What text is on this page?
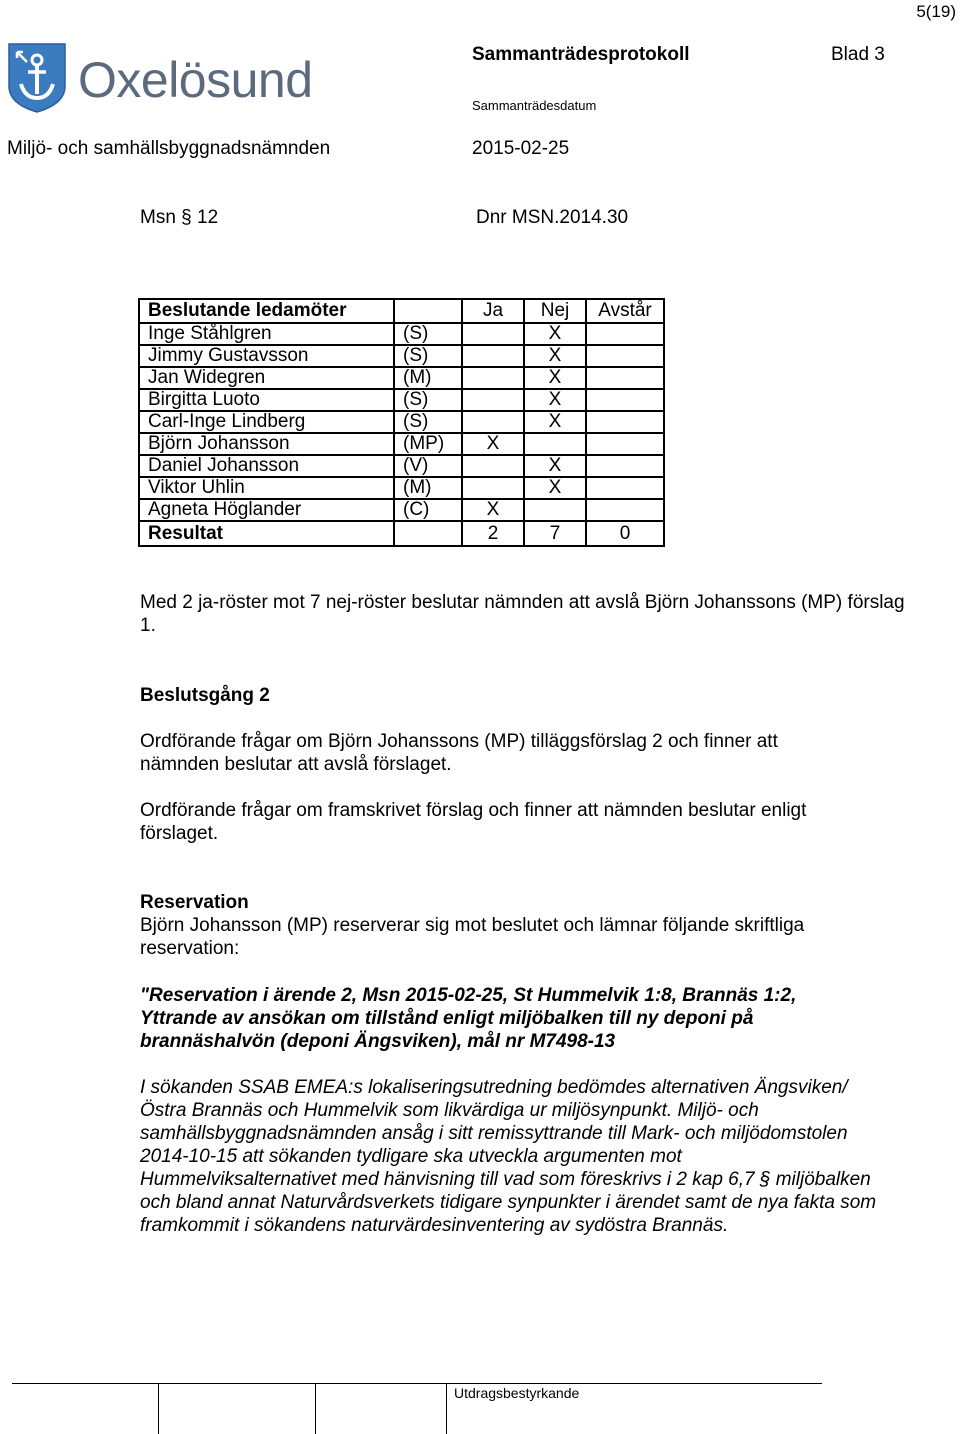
5(19)
Oxelösund	Sammanträdesprotokoll	Blad 3
Sammanträdesdatum
Miljö- och samhällsbyggnadsnämnden	2015-02-25
Msn § 12	Dnr MSN.2014.30
Beslutande ledamöter		Ja	Nej	Avstår
Inge Ståhlgren	(S)		X	
Jimmy Gustavsson	(S)		X	
Jan Widegren	(M)		X	
Birgitta Luoto	(S)		X	
Carl-Inge Lindberg	(S)		X	
Björn Johansson	(MP)	X		
Daniel Johansson	(V)		X	
Viktor Uhlin	(M)		X	
Agneta Höglander	(C)	X		
Resultat		2	7	0
Med 2 ja-röster mot 7 nej-röster beslutar nämnden att avslå Björn Johanssons (MP) förslag 1.
Beslutsgång 2
Ordförande frågar om Björn Johanssons (MP) tilläggsförslag 2 och finner att nämnden beslutar att avslå förslaget.
Ordförande frågar om framskrivet förslag och finner att nämnden beslutar enligt förslaget.
Reservation
Björn Johansson (MP) reserverar sig mot beslutet och lämnar följande skriftliga reservation:
"Reservation i ärende 2, Msn 2015-02-25, St Hummelvik 1:8, Brannäs 1:2, Yttrande av ansökan om tillstånd enligt miljöbalken till ny deponi på brannäshalvön (deponi Ängsviken), mål nr M7498-13
I sökanden SSAB EMEA:s lokaliseringsutredning bedömdes alternativen Ängsviken/Östra Brannäs och Hummelvik som likvärdiga ur miljösynpunkt. Miljö- och samhällsbyggnadsnämnden ansåg i sitt remissyttrande till Mark- och miljödomstolen 2014-10-15 att sökanden tydligare ska utveckla argumenten mot Hummelviksalternativet med hänvisning till vad som föreskrivs i 2 kap 6,7 § miljöbalken och bland annat Naturvårdsverkets tidigare synpunkter i ärendet samt de nya fakta som framkommit i sökandens naturvärdesinventering av sydöstra Brannäs.
Utdragsbestyrkande
